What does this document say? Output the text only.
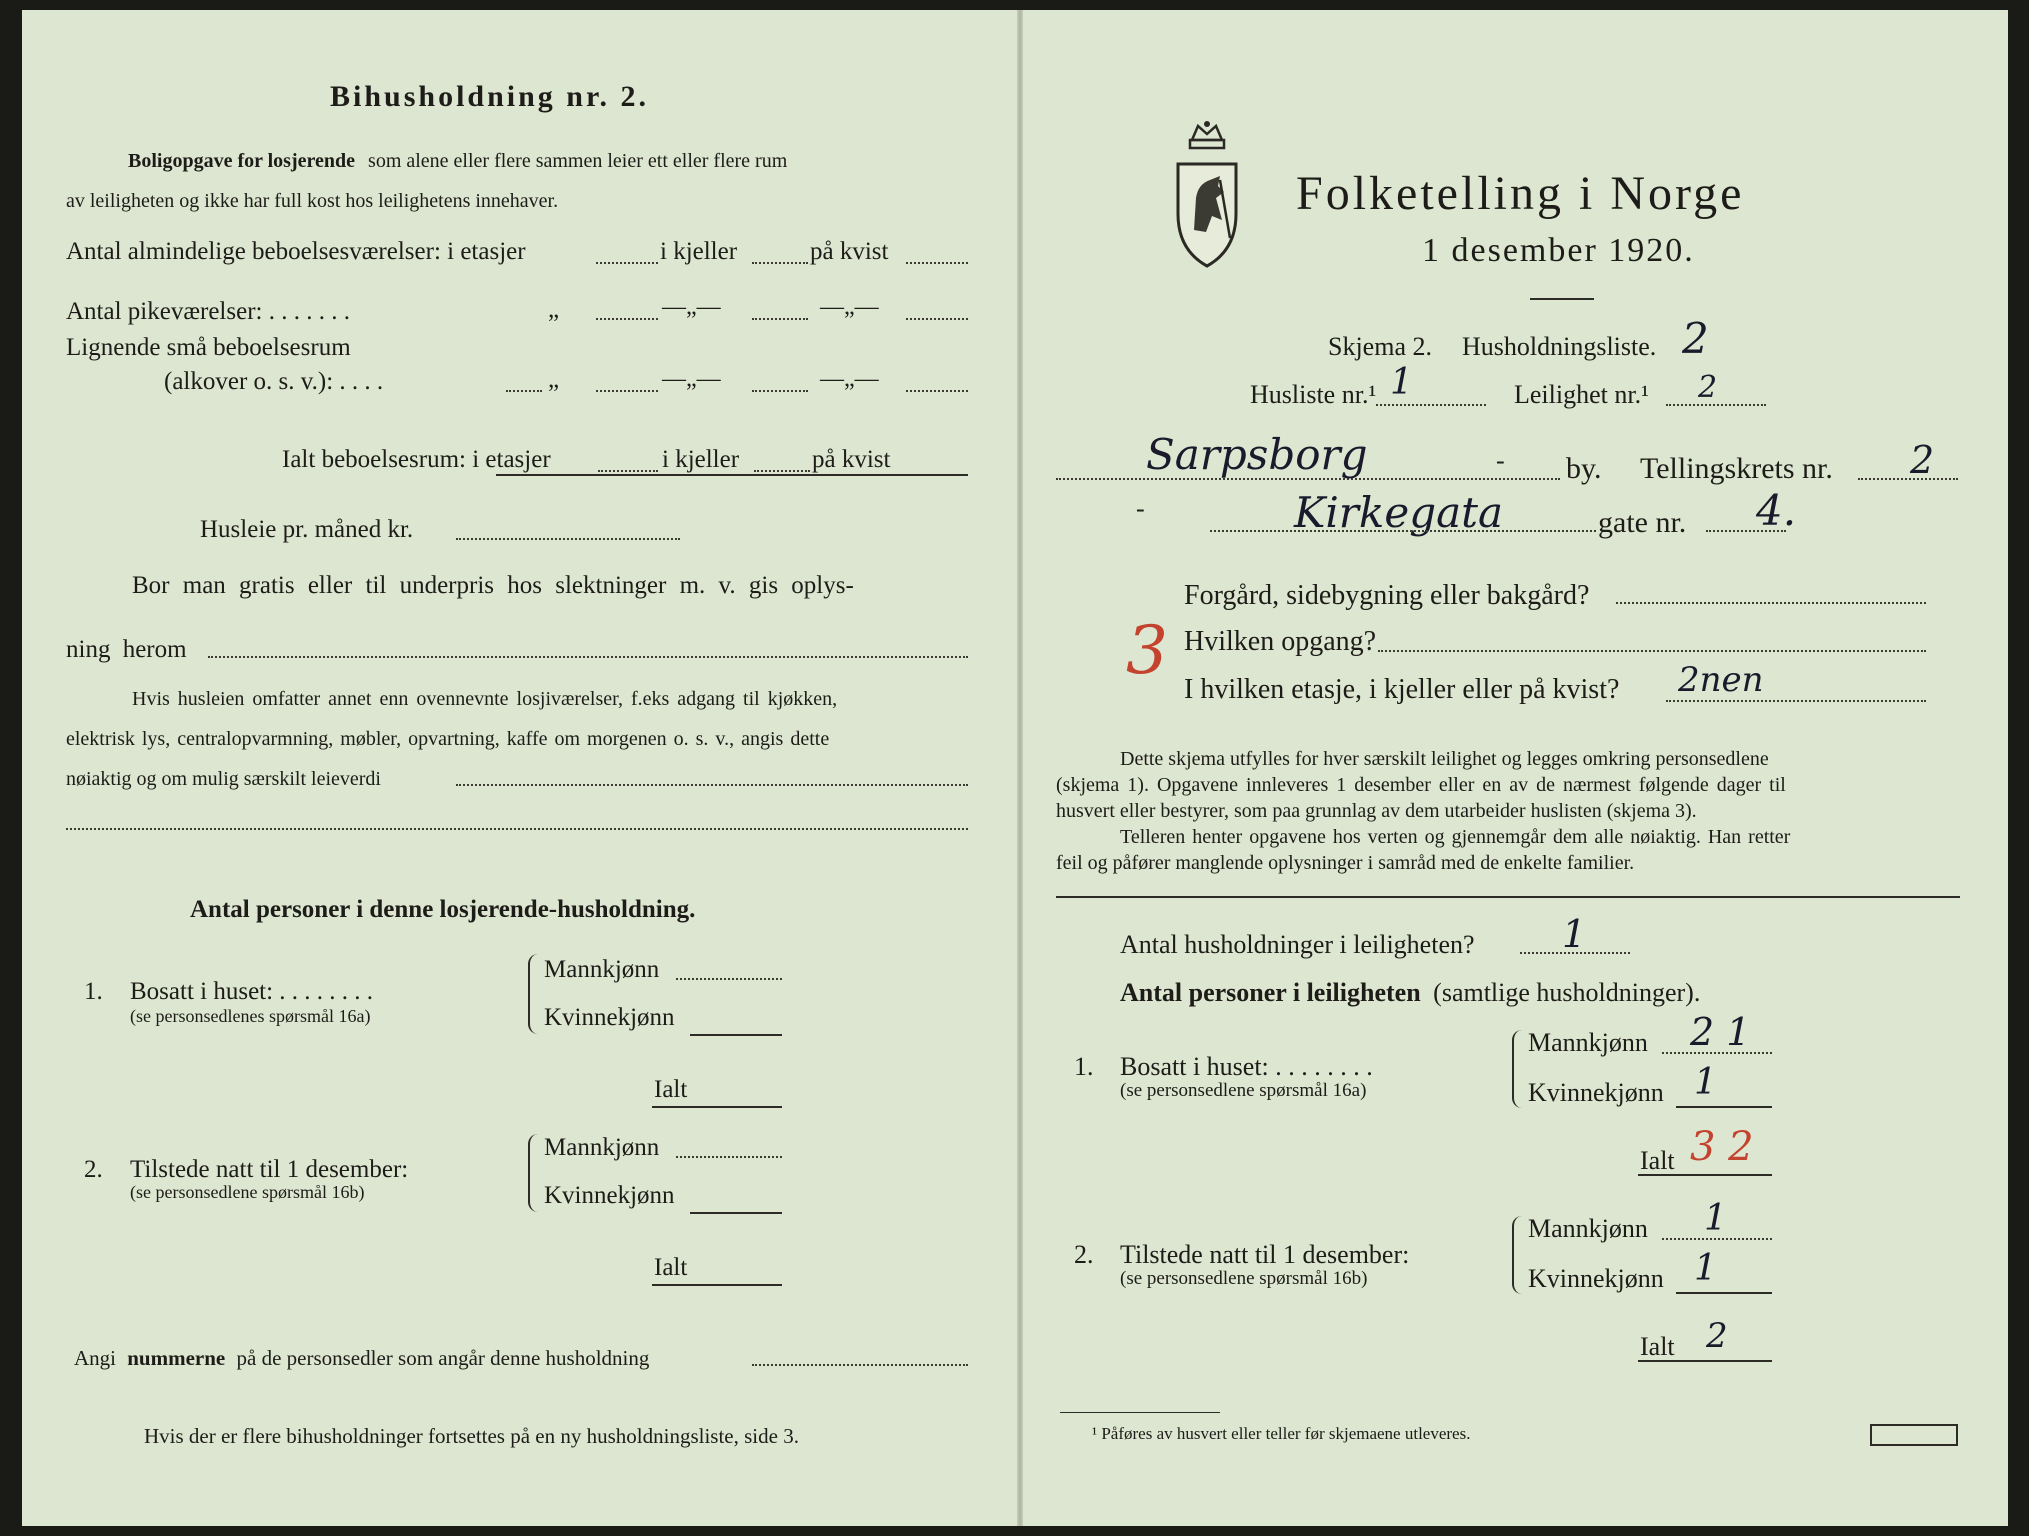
Bihusholdning nr. 2.
Boligopgave for losjerende som alene eller flere sammen leier ett eller flere rum
av leiligheten og ikke har full kost hos leilighetens innehaver.
Antal almindelige beboelsesværelser: i etasjer	i kjeller	på kvist
Antal pikeværelser: . . . . . . .	„	—„—	—„—
Lignende små beboelsesrum
(alkover o. s. v.): . . . .	„	—„—	—„—
Ialt beboelsesrum: i etasjer	i kjeller	på kvist
Husleie pr. måned kr.
Bor man gratis eller til underpris hos slektninger m. v. gis oplys-
ning herom
Hvis husleien omfatter annet enn ovennevnte losjiværelser, f.eks adgang til kjøkken,
elektrisk lys, centralopvarmning, møbler, opvartning, kaffe om morgenen o. s. v., angis dette
nøiaktig og om mulig særskilt leieverdi
Antal personer i denne losjerende-husholdning.
1. Bosatt i huset: . . . . . . . .
(se personsedlenes spørsmål 16a)
Mannkjønn
Kvinnekjønn
Ialt
2. Tilstede natt til 1 desember:
(se personsedlene spørsmål 16b)
Mannkjønn
Kvinnekjønn
Ialt
Angi nummerne på de personsedler som angår denne husholdning
Hvis der er flere bihusholdninger fortsettes på en ny husholdningsliste, side 3.
Folketelling i Norge
1 desember 1920.
Skjema 2. Husholdningsliste. 2
Husliste nr.¹ 1	Leilighet nr.¹ 2
Sarpsborg	- by. Tellingskrets nr. 2
-	Kirkegata	gate nr. 4.
Forgård, sidebygning eller bakgård?
3 Hvilken opgang?
I hvilken etasje, i kjeller eller på kvist? 2nen
Dette skjema utfylles for hver særskilt leilighet og legges omkring personsedlene
(skjema 1). Opgavene innleveres 1 desember eller en av de nærmest følgende dager til
husvert eller bestyrer, som paa grunnlag av dem utarbeider huslisten (skjema 3).
Telleren henter opgavene hos verten og gjennemgår dem alle nøiaktig. Han retter
feil og påfører manglende oplysninger i samråd med de enkelte familier.
Antal husholdninger i leiligheten? 1
Antal personer i leiligheten (samtlige husholdninger).
1. Bosatt i huset: . . . . . . . .
(se personsedlene spørsmål 16a)
Mannkjønn 2 1
Kvinnekjønn 1
Ialt 3 2
2. Tilstede natt til 1 desember:
(se personsedlene spørsmål 16b)
Mannkjønn 1
Kvinnekjønn 1
Ialt 2
¹ Påføres av husvert eller teller før skjemaene utleveres.
